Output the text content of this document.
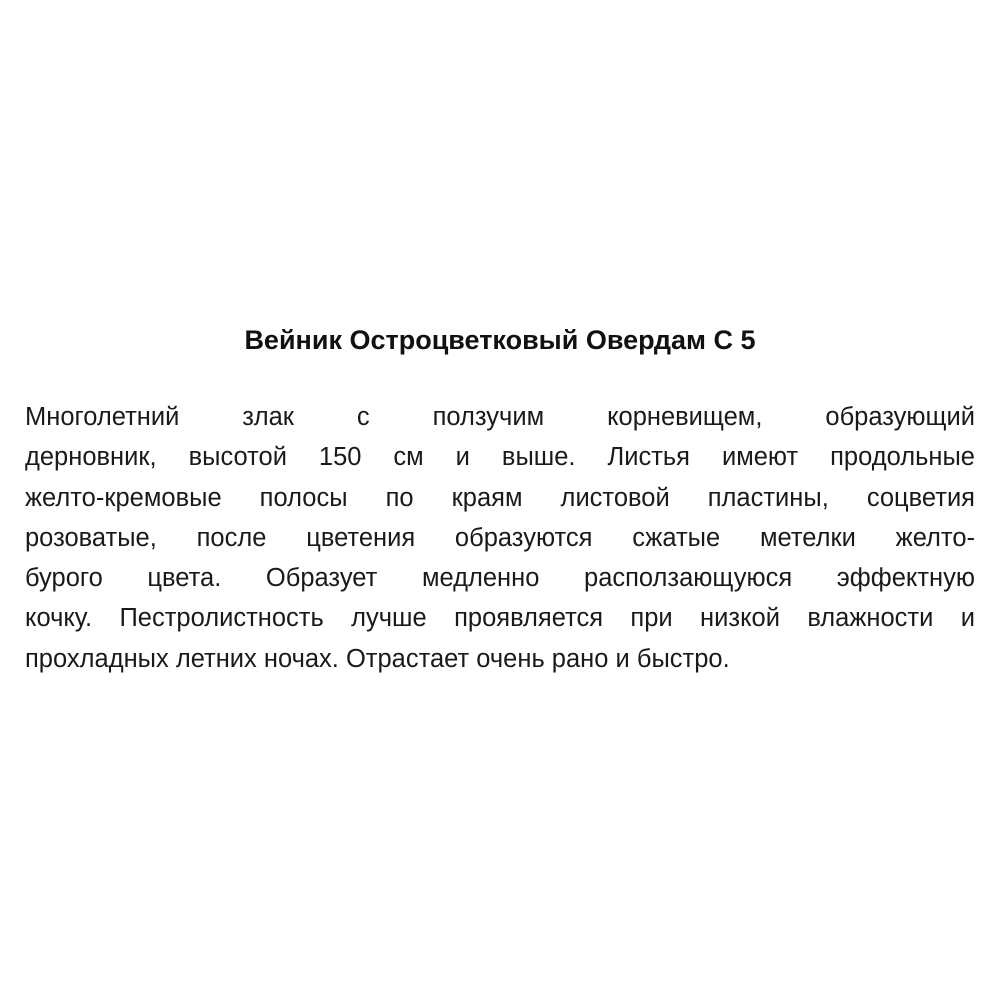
Вейник Остроцветковый Овердам С 5
Многолетний злак с ползучим корневищем, образующий
дерновник, высотой 150 см и выше. Листья имеют продольные
желто-кремовые полосы по краям листовой пластины, соцветия
розоватые, после цветения образуются сжатые метелки желто-
бурого цвета. Образует медленно расползающуюся эффектную
кочку. Пестролистность лучше проявляется при низкой влажности и
прохладных летних ночах. Отрастает очень рано и быстро.
